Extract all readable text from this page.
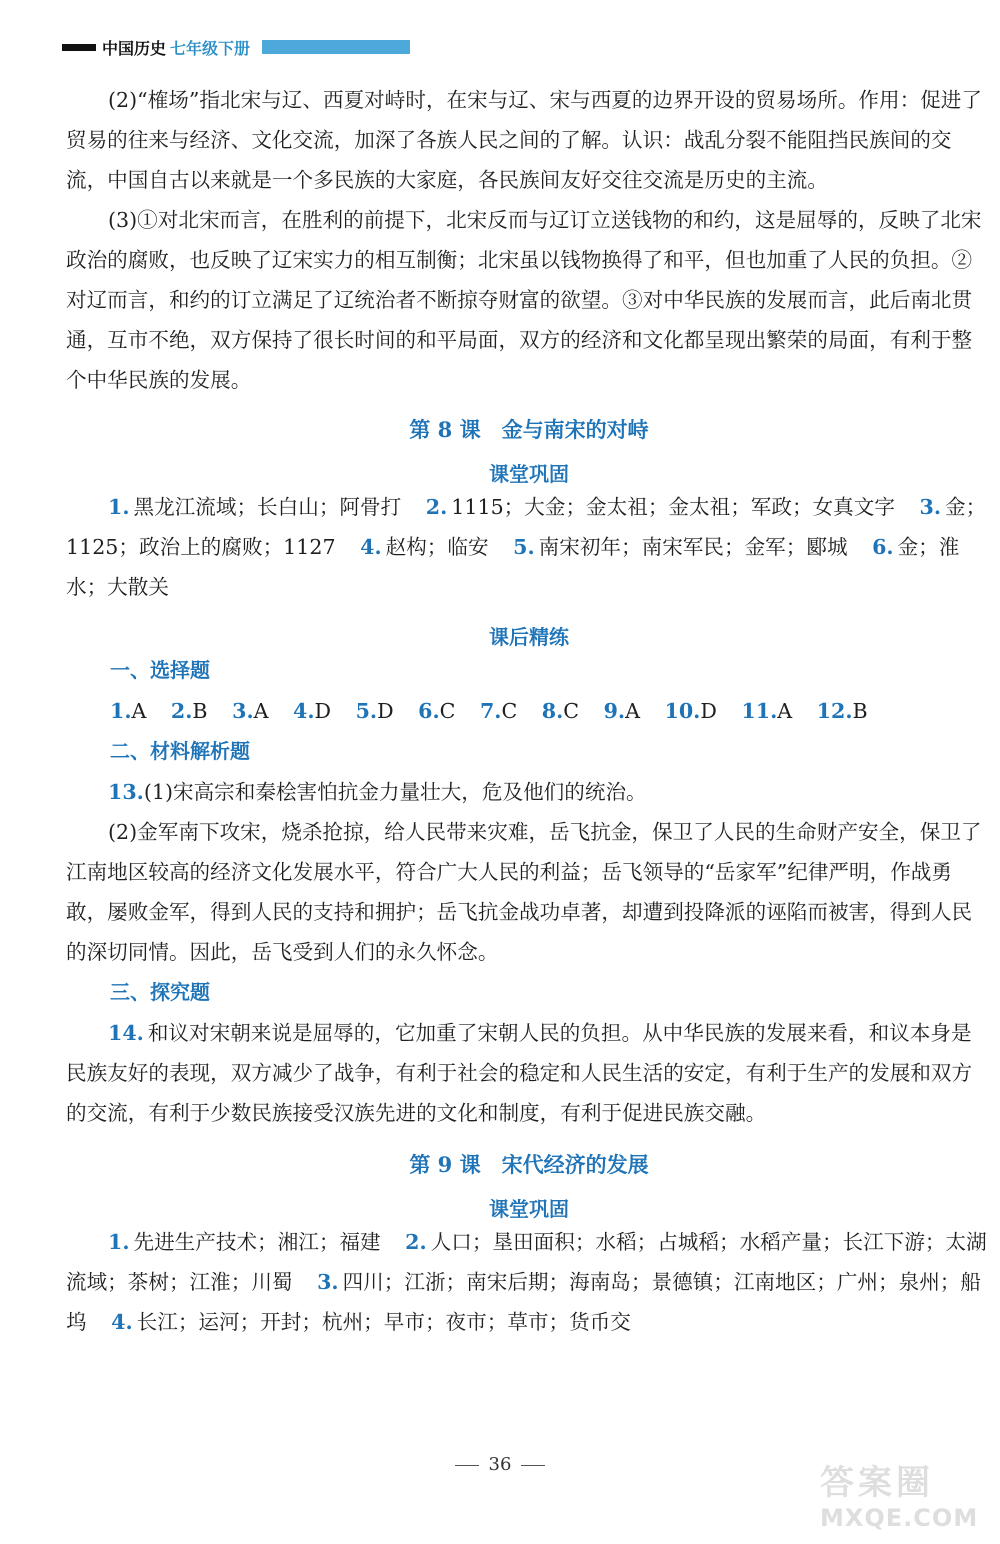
中国历史 七年级下册

(2)“榷场”指北宋与辽、西夏对峙时，在宋与辽、宋与西夏的边界开设的贸易场所。作用：促进了贸易的往来与经济、文化交流，加深了各族人民之间的了解。认识：战乱分裂不能阻挡民族间的交流，中国自古以来就是一个多民族的大家庭，各民族间友好交往交流是历史的主流。

(3)①对北宋而言，在胜利的前提下，北宋反而与辽订立送钱物的和约，这是屈辱的，反映了北宋政治的腐败，也反映了辽宋实力的相互制衡；北宋虽以钱物换得了和平，但也加重了人民的负担。②对辽而言，和约的订立满足了辽统治者不断掠夺财富的欲望。③对中华民族的发展而言，此后南北贯通，互市不绝，双方保持了很长时间的和平局面，双方的经济和文化都呈现出繁荣的局面，有利于整个中华民族的发展。

第 8 课　金与南宋的对峙
课堂巩固

1. 黑龙江流域；长白山；阿骨打 2. 1115；大金；金太祖；金太祖；军政；女真文字 3. 金；1125；政治上的腐败；1127 4. 赵构；临安 5. 南宋初年；南宋军民；金军；郾城 6. 金；淮水；大散关

课后精练
一、选择题

1.A 2.B 3.A 4.D 5.D 6.C 7.C 8.C 9.A 10.D 11.A 12.B

二、材料解析题

13.(1)宋高宗和秦桧害怕抗金力量壮大，危及他们的统治。

(2)金军南下攻宋，烧杀抢掠，给人民带来灾难，岳飞抗金，保卫了人民的生命财产安全，保卫了江南地区较高的经济文化发展水平，符合广大人民的利益；岳飞领导的“岳家军”纪律严明，作战勇敢，屡败金军，得到人民的支持和拥护；岳飞抗金战功卓著，却遭到投降派的诬陷而被害，得到人民的深切同情。因此，岳飞受到人们的永久怀念。

三、探究题

14. 和议对宋朝来说是屈辱的，它加重了宋朝人民的负担。从中华民族的发展来看，和议本身是民族友好的表现，双方减少了战争，有利于社会的稳定和人民生活的安定，有利于生产的发展和双方的交流，有利于少数民族接受汉族先进的文化和制度，有利于促进民族交融。

第 9 课　宋代经济的发展
课堂巩固

1. 先进生产技术；湘江；福建 2. 人口；垦田面积；水稻；占城稻；水稻产量；长江下游；太湖流域；茶树；江淮；川蜀 3. 四川；江浙；南宋后期；海南岛；景德镇；江南地区；广州；泉州；船坞 4. 长江；运河；开封；杭州；早市；夜市；草市；货币交

36	答案圈
MXQE.COM
